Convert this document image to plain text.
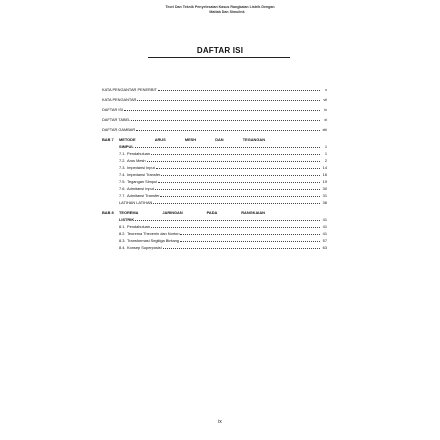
Teori Dan Teknik Penyelesaian Kasus Rangkaian Listrik Dengan
Matlab Dan Simulink
DAFTAR ISI
KATA PENGANTAR PENERBIT	v
KATA PENGANTAR	vii
DAFTAR ISI	ix
DAFTAR TABEL	xi
DAFTAR GAMBAR	xiii
BAB 7 METODE	ARUS	MESH	DAN	TEGANGAN
SIMPUL	1
7.1. Pendahuluan	1
7.2. Arus Mesh	2
7.3. Impedansi Input	14
7.4. Impedansi Transfer	16
7.5. Tegangan Simpul	19
7.6. Admitansi Input	30
7.7. Admitansi Transfer	31
LATIHAN LATIHAN	36
BAB 8 TEOREMA	JARINGAN	PADA	RANGKAIAN
LISTRIK	41
8.1. Pendahuluan	41
8.2. Teorema Thevenin dan Norton	41
8.3. Transformasi Segitiga Bintang	57
8.4. Konsep Superposisi	63
ix
